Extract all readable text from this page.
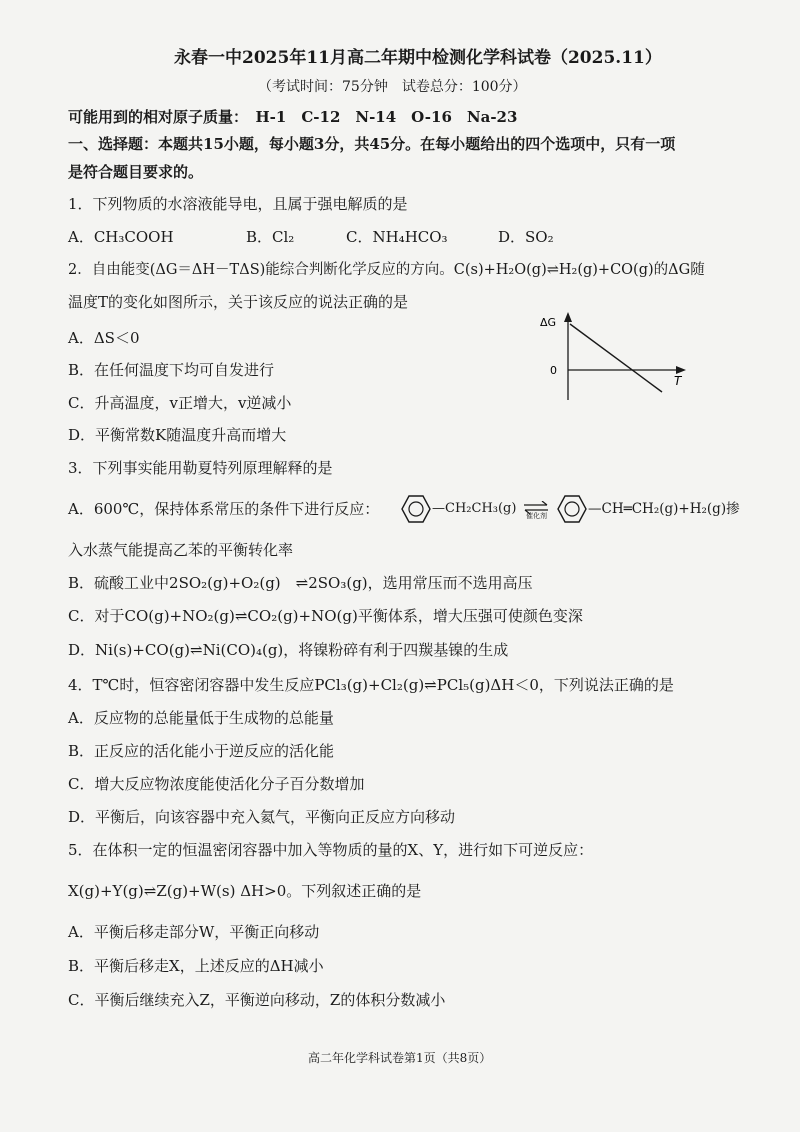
永春一中2025年11月高二年期中检测化学科试卷（2025.11）
（考试时间：75分钟　试卷总分：100分）
可能用到的相对原子质量：　H-1　C-12　N-14　O-16　Na-23
一、选择题：本题共15小题，每小题3分，共45分。在每小题给出的四个选项中，只有一项
是符合题目要求的。
1．下列物质的水溶液能导电，且属于强电解质的是
A．CH₃COOH	B．Cl₂	C．NH₄HCO₃	D．SO₂
2．自由能变(ΔG＝ΔH－TΔS)能综合判断化学反应的方向。C(s)+H₂O(g)⇌H₂(g)+CO(g)的ΔG随
温度T的变化如图所示，关于该反应的说法正确的是
A．ΔS＜0
B．在任何温度下均可自发进行
C．升高温度，v正增大，v逆减小
D．平衡常数K随温度升高而增大
ΔG
0
T
3．下列事实能用勒夏特列原理解释的是
A．600℃，保持体系常压的条件下进行反应：	—CH₂CH₃(g) ⇌
催化剂	—CH═CH₂(g)+H₂(g)掺
入水蒸气能提高乙苯的平衡转化率
B．硫酸工业中2SO₂(g)+O₂(g)　⇌2SO₃(g)，选用常压而不选用高压
C．对于CO(g)+NO₂(g)⇌CO₂(g)+NO(g)平衡体系，增大压强可使颜色变深
D．Ni(s)+CO(g)⇌Ni(CO)₄(g)，将镍粉碎有利于四羰基镍的生成
4．T℃时，恒容密闭容器中发生反应PCl₃(g)+Cl₂(g)⇌PCl₅(g)ΔH＜0，下列说法正确的是
A．反应物的总能量低于生成物的总能量
B．正反应的活化能小于逆反应的活化能
C．增大反应物浓度能使活化分子百分数增加
D．平衡后，向该容器中充入氦气，平衡向正反应方向移动
5．在体积一定的恒温密闭容器中加入等物质的量的X、Y，进行如下可逆反应：
X(g)+Y(g)⇌Z(g)+W(s) ΔH>0。下列叙述正确的是
A．平衡后移走部分W，平衡正向移动
B．平衡后移走X，上述反应的ΔH减小
C．平衡后继续充入Z，平衡逆向移动，Z的体积分数减小
高二年化学科试卷第1页（共8页）
